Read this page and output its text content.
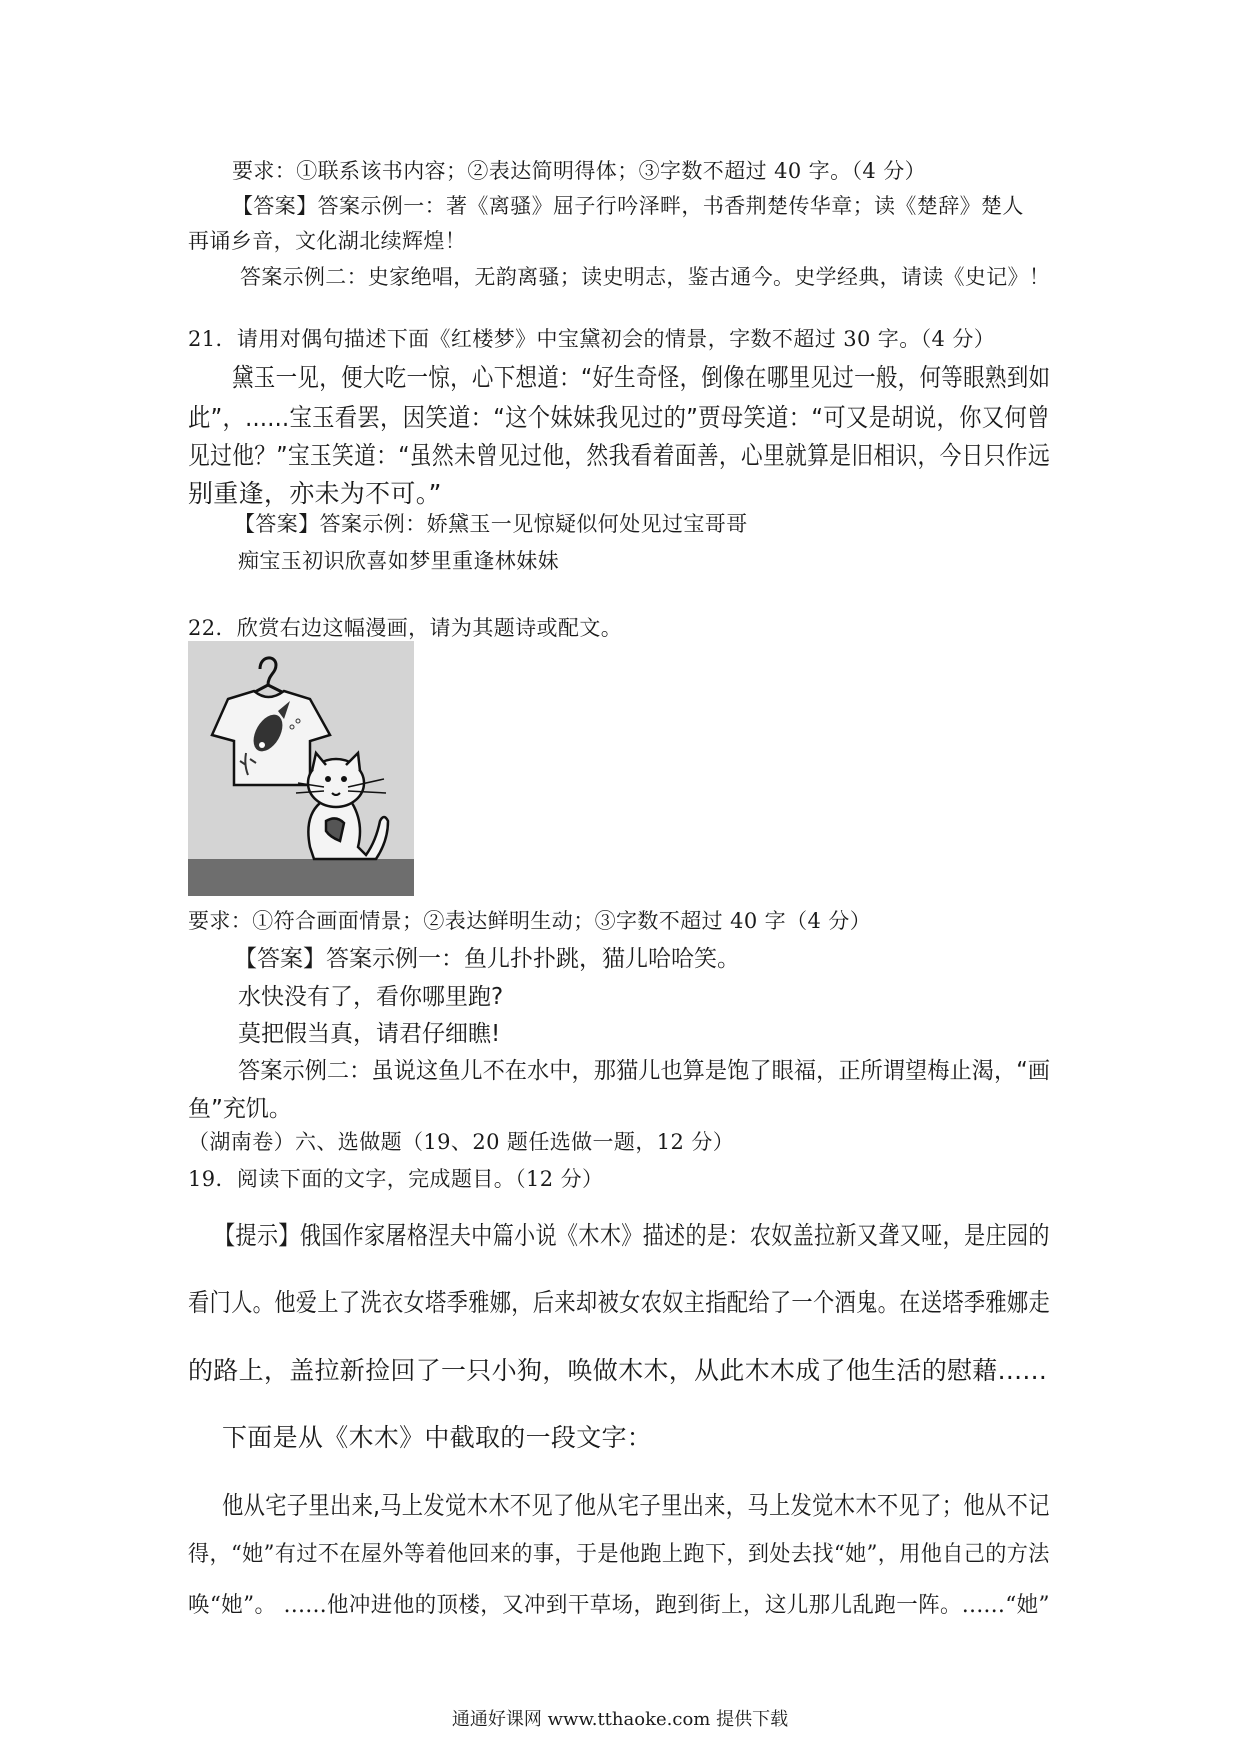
要求：①联系该书内容；②表达简明得体；③字数不超过 40 字。（4 分）
【答案】答案示例一：著《离骚》屈子行吟泽畔，书香荆楚传华章；读《楚辞》楚人
再诵乡音，文化湖北续辉煌！
答案示例二：史家绝唱，无韵离骚；读史明志，鉴古通今。史学经典，请读《史记》！
21．请用对偶句描述下面《红楼梦》中宝黛初会的情景，字数不超过 30 字。（4 分）
黛玉一见，便大吃一惊，心下想道：“好生奇怪，倒像在哪里见过一般，何等眼熟到如
此”，......宝玉看罢，因笑道：“这个妹妹我见过的”贾母笑道：“可又是胡说，你又何曾
见过他？”宝玉笑道：“虽然未曾见过他，然我看着面善，心里就算是旧相识，今日只作远
别重逢，亦未为不可。”
【答案】答案示例：娇黛玉一见惊疑似何处见过宝哥哥
痴宝玉初识欣喜如梦里重逢林妹妹
22．欣赏右边这幅漫画，请为其题诗或配文。
要求：①符合画面情景；②表达鲜明生动；③字数不超过 40 字（4 分）
【答案】答案示例一：鱼儿扑扑跳，猫儿哈哈笑。
水快没有了，看你哪里跑?
莫把假当真，请君仔细瞧!
答案示例二：虽说这鱼儿不在水中，那猫儿也算是饱了眼福，正所谓望梅止渴，“画
鱼”充饥。
（湖南卷）六、选做题（19、20 题任选做一题，12 分）
19．阅读下面的文字，完成题目。（12 分）
【提示】俄国作家屠格涅夫中篇小说《木木》描述的是：农奴盖拉新又聋又哑，是庄园的
看门人。他爱上了洗衣女塔季雅娜，后来却被女农奴主指配给了一个酒鬼。在送塔季雅娜走
的路上，盖拉新捡回了一只小狗，唤做木木，从此木木成了他生活的慰藉......
下面是从《木木》中截取的一段文字：
他从宅子里出来,马上发觉木木不见了他从宅子里出来，马上发觉木木不见了；他从不记
得，“她”有过不在屋外等着他回来的事，于是他跑上跑下，到处去找“她”，用他自己的方法
唤“她”。 ......他冲进他的顶楼，又冲到干草场，跑到街上，这儿那儿乱跑一阵。......“她”
通通好课网 www.tthaoke.com 提供下载
